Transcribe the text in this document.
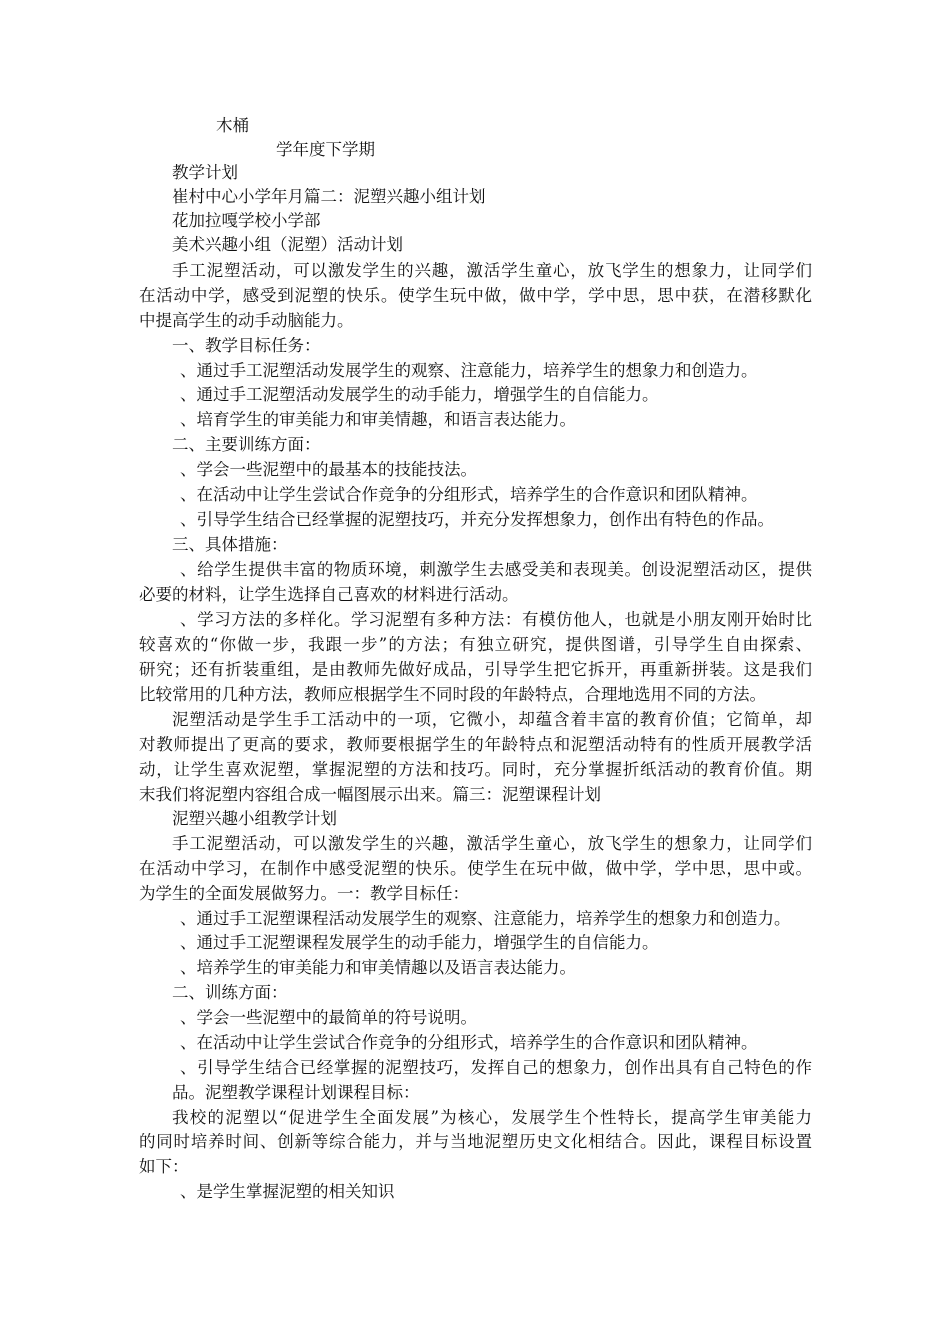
木桶
学年度下学期
教学计划
崔村中心小学年月篇二：泥塑兴趣小组计划
花加拉嘎学校小学部
美术兴趣小组（泥塑）活动计划
手工泥塑活动，可以激发学生的兴趣，激活学生童心，放飞学生的想象力，让同学们
在活动中学，感受到泥塑的快乐。使学生玩中做，做中学，学中思，思中获，在潜移默化
中提高学生的动手动脑能力。
一、教学目标任务：
、通过手工泥塑活动发展学生的观察、注意能力，培养学生的想象力和创造力。
、通过手工泥塑活动发展学生的动手能力，增强学生的自信能力。
、培育学生的审美能力和审美情趣，和语言表达能力。
二、主要训练方面：
、学会一些泥塑中的最基本的技能技法。
、在活动中让学生尝试合作竞争的分组形式，培养学生的合作意识和团队精神。
、引导学生结合已经掌握的泥塑技巧，并充分发挥想象力，创作出有特色的作品。
三、具体措施：
、给学生提供丰富的物质环境，刺激学生去感受美和表现美。创设泥塑活动区，提供
必要的材料，让学生选择自己喜欢的材料进行活动。
、学习方法的多样化。学习泥塑有多种方法：有模仿他人，也就是小朋友刚开始时比
较喜欢的“你做一步，我跟一步”的方法；有独立研究，提供图谱，引导学生自由探索、
研究；还有折装重组，是由教师先做好成品，引导学生把它拆开，再重新拼装。这是我们
比较常用的几种方法，教师应根据学生不同时段的年龄特点，合理地选用不同的方法。
泥塑活动是学生手工活动中的一项，它微小，却蕴含着丰富的教育价值；它简单，却
对教师提出了更高的要求，教师要根据学生的年龄特点和泥塑活动特有的性质开展教学活
动，让学生喜欢泥塑，掌握泥塑的方法和技巧。同时，充分掌握折纸活动的教育价值。期
末我们将泥塑内容组合成一幅图展示出来。篇三：泥塑课程计划
泥塑兴趣小组教学计划
手工泥塑活动，可以激发学生的兴趣，激活学生童心，放飞学生的想象力，让同学们
在活动中学习，在制作中感受泥塑的快乐。使学生在玩中做，做中学，学中思，思中或。
为学生的全面发展做努力。一：教学目标任：
、通过手工泥塑课程活动发展学生的观察、注意能力，培养学生的想象力和创造力。
、通过手工泥塑课程发展学生的动手能力，增强学生的自信能力。
、培养学生的审美能力和审美情趣以及语言表达能力。
二、训练方面：
、学会一些泥塑中的最简单的符号说明。
、在活动中让学生尝试合作竞争的分组形式，培养学生的合作意识和团队精神。
、引导学生结合已经掌握的泥塑技巧，发挥自己的想象力，创作出具有自己特色的作
品。泥塑教学课程计划课程目标：
我校的泥塑以“促进学生全面发展”为核心，发展学生个性特长，提高学生审美能力
的同时培养时间、创新等综合能力，并与当地泥塑历史文化相结合。因此，课程目标设置
如下：
、是学生掌握泥塑的相关知识
